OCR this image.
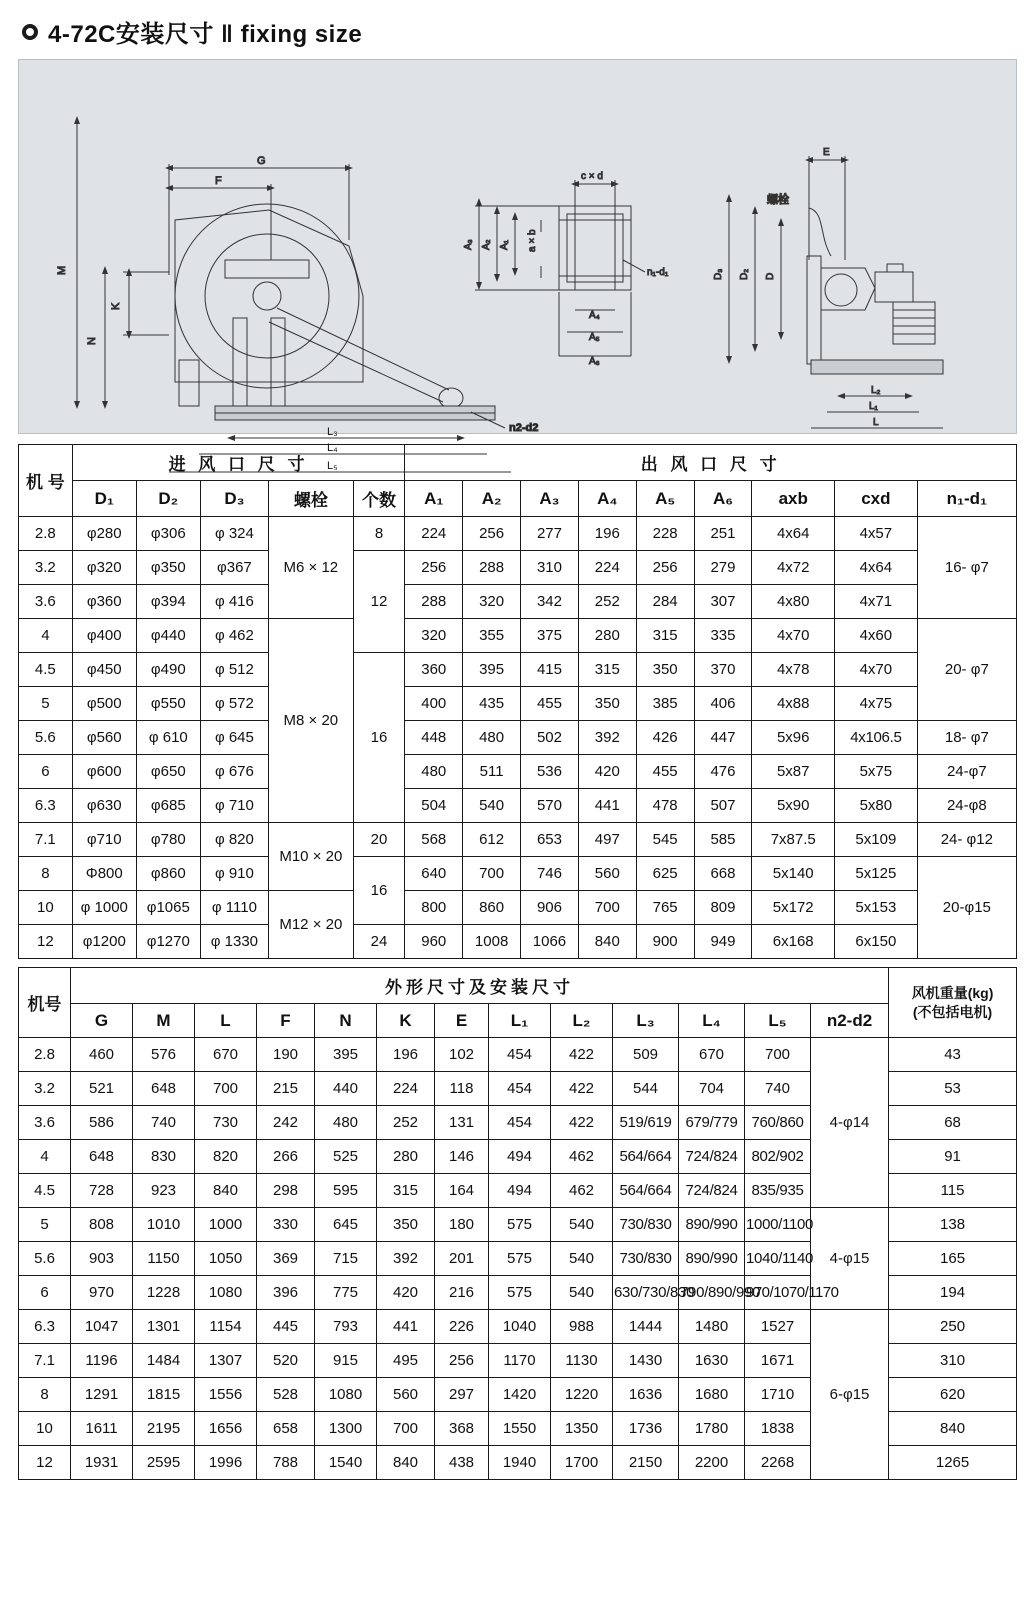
4-72C安装尺寸 ‖ fixing size
M
N
K
F
G
n2-d2
A₃ A₂ A₁ a × b
c × d
n₁-d₁
A₄
A₅
A₆
E
螺栓
D₃ D₂ D
L₂
L₁
L
L₃
L₄
L₅
机 号	进 风 口 尺 寸					出 风 口 尺 寸								
	D₁	D₂	D₃	螺栓	个数	A₁	A₂	A₃	A₄	A₅	A₆	axb	cxd	n₁-d₁
2.8	φ280	φ306	φ 324	M6 × 12	8	224	256	277	196	228	251	4x64	4x57	16- φ7
3.2	φ320	φ350	φ367		12	256	288	310	224	256	279	4x72	4x64	
3.6	φ360	φ394	φ 416			288	320	342	252	284	307	4x80	4x71	
4	φ400	φ440	φ 462	M8 × 20		320	355	375	280	315	335	4x70	4x60	20- φ7
4.5	φ450	φ490	φ 512		16	360	395	415	315	350	370	4x78	4x70	
5	φ500	φ550	φ 572			400	435	455	350	385	406	4x88	4x75	
5.6	φ560	φ 610	φ 645			448	480	502	392	426	447	5x96	4x106.5	18- φ7
6	φ600	φ650	φ 676			480	511	536	420	455	476	5x87	5x75	24-φ7
6.3	φ630	φ685	φ 710			504	540	570	441	478	507	5x90	5x80	24-φ8
7.1	φ710	φ780	φ 820	M10 × 20	20	568	612	653	497	545	585	7x87.5	5x109	24- φ12
8	Φ800	φ860	φ 910		16	640	700	746	560	625	668	5x140	5x125	20-φ15
10	φ 1000	φ1065	φ 1110	M12 × 20		800	860	906	700	765	809	5x172	5x153	
12	φ1200	φ1270	φ 1330		24	960	1008	1066	840	900	949	6x168	6x150	
机号	外形尺寸及安装尺寸													风机重量(kg)
(不包括电机)

	G	M	L	F	N	K	E	L₁	L₂	L₃	L₄	L₅	n2-d2	
2.8	460	576	670	190	395	196	102	454	422	509	670	700	4-φ14	43
3.2	521	648	700	215	440	224	118	454	422	544	704	740		53
3.6	586	740	730	242	480	252	131	454	422	519/619	679/779	760/860		68
4	648	830	820	266	525	280	146	494	462	564/664	724/824	802/902		91
4.5	728	923	840	298	595	315	164	494	462	564/664	724/824	835/935		115
5	808	1010	1000	330	645	350	180	575	540	730/830	890/990	1000/1100	4-φ15	138
5.6	903	1150	1050	369	715	392	201	575	540	730/830	890/990	1040/1140		165
6	970	1228	1080	396	775	420	216	575	540	630/730/830	790/890/990	970/1070/1170		194
6.3	1047	1301	1154	445	793	441	226	1040	988	1444	1480	1527	6-φ15	250
7.1	1196	1484	1307	520	915	495	256	1170	1130	1430	1630	1671		310
8	1291	1815	1556	528	1080	560	297	1420	1220	1636	1680	1710		620
10	1611	2195	1656	658	1300	700	368	1550	1350	1736	1780	1838		840
12	1931	2595	1996	788	1540	840	438	1940	1700	2150	2200	2268		1265
